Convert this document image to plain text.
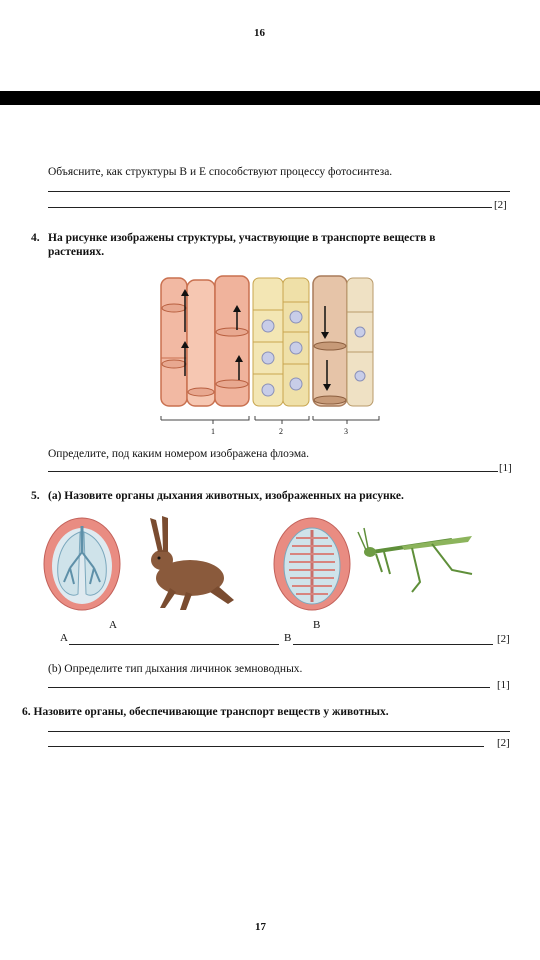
16
Объясните, как структуры В и Е способствуют процессу фотосинтеза.
[2]
4. На рисунке изображены структуры, участвующие в транспорте веществ в
растениях.
1	2	3
Определите, под каким номером изображена флоэма.
[1]
5. (a) Назовите органы дыхания животных, изображенных на рисунке.
A	B
A	B	[2]
(b) Определите тип дыхания личинок земноводных.
[1]
6. Назовите органы, обеспечивающие транспорт веществ у животных.
[2]
17
